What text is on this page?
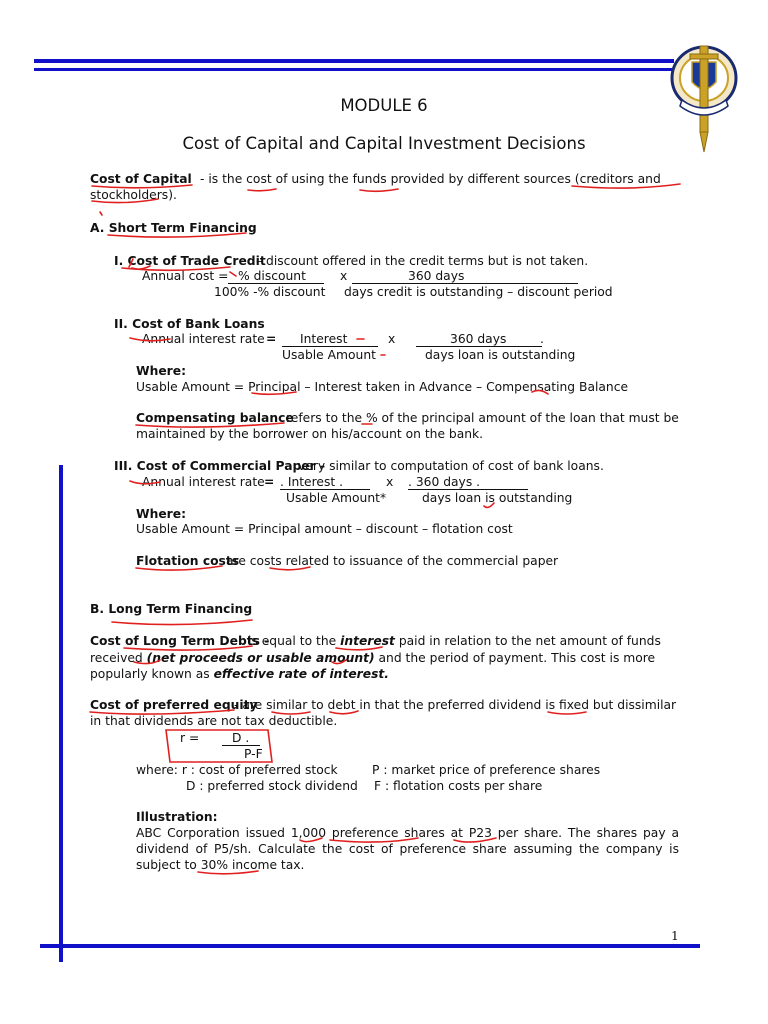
MODULE 6
Cost of Capital and Capital Investment Decisions
Cost of Capital - is the cost of using the funds provided by different sources (creditors and
stockholders).
A. Short Term Financing
I. Cost of Trade Credit
– discount offered in the credit terms but is not taken.
Annual cost = % discount	x	360 days
100% -% discount days credit is outstanding – discount period
II. Cost of Bank Loans
Annual interest rate = Interest	x	360 days	.
Usable Amount	days loan is outstanding
Where:
Usable Amount = Principal – Interest taken in Advance – Compensating Balance
Compensating balance
refers to the % of the principal amount of the loan that must be
maintained by the borrower on his/account on the bank.
III. Cost of Commercial Paper -
very similar to computation of cost of bank loans.
Annual interest rate = . Interest .	x . 360 days .
Usable Amount*	days loan is outstanding
Where:
Usable Amount = Principal amount – discount – flotation cost
Flotation costs
are costs related to issuance of the commercial paper
B. Long Term Financing
Cost of Long Term Debts -
is equal to the interest paid in relation to the net amount of funds
received (net proceeds or usable amount) and the period of payment. This cost is more
popularly known as effective rate of interest.
Cost of preferred equity
- are similar to debt in that the preferred dividend is fixed but dissimilar
in that dividends are not tax deductible.
r =	D .
P-F
where: r : cost of preferred stock	P : market price of preference shares
D : preferred stock dividend F : flotation costs per share
Illustration:
ABC Corporation issued 1,000 preference shares at P23 per share. The shares pay a
dividend of P5/sh. Calculate the cost of preference share assuming the company is
subject to 30% income tax.
1
